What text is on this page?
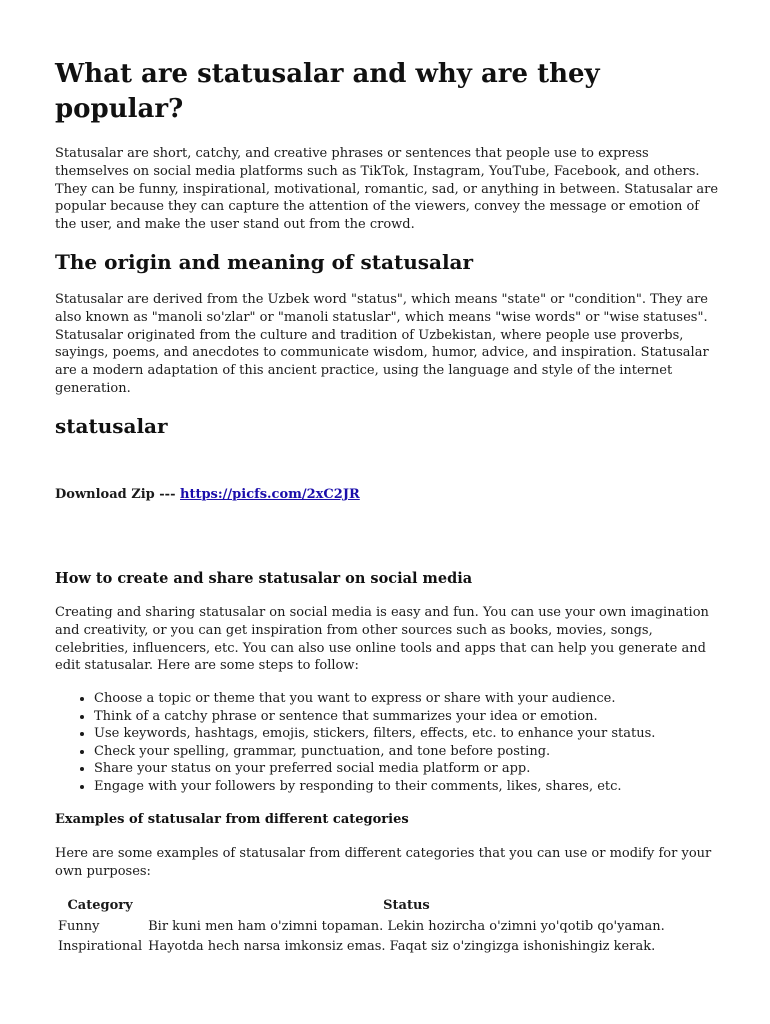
What are statusalar and why are they popular?

Statusalar are short, catchy, and creative phrases or sentences that people use to express themselves on social media platforms such as TikTok, Instagram, YouTube, Facebook, and others. They can be funny, inspirational, motivational, romantic, sad, or anything in between. Statusalar are popular because they can capture the attention of the viewers, convey the message or emotion of the user, and make the user stand out from the crowd.

The origin and meaning of statusalar

Statusalar are derived from the Uzbek word "status", which means "state" or "condition". They are also known as "manoli so'zlar" or "manoli statuslar", which means "wise words" or "wise statuses". Statusalar originated from the culture and tradition of Uzbekistan, where people use proverbs, sayings, poems, and anecdotes to communicate wisdom, humor, advice, and inspiration. Statusalar are a modern adaptation of this ancient practice, using the language and style of the internet generation.

statusalar
Download Zip --- https://picfs.com/2xC2JR
How to create and share statusalar on social media

Creating and sharing statusalar on social media is easy and fun. You can use your own imagination and creativity, or you can get inspiration from other sources such as books, movies, songs, celebrities, influencers, etc. You can also use online tools and apps that can help you generate and edit statusalar. Here are some steps to follow:

• Choose a topic or theme that you want to express or share with your audience.
• Think of a catchy phrase or sentence that summarizes your idea or emotion.
• Use keywords, hashtags, emojis, stickers, filters, effects, etc. to enhance your status.
• Check your spelling, grammar, punctuation, and tone before posting.
• Share your status on your preferred social media platform or app.
• Engage with your followers by responding to their comments, likes, shares, etc.
Examples of statusalar from different categories

Here are some examples of statusalar from different categories that you can use or modify for your own purposes:

Category	Status
Funny	Bir kuni men ham o'zimni topaman. Lekin hozircha o'zimni yo'qotib qo'yaman.
Inspirational	Hayotda hech narsa imkonsiz emas. Faqat siz o'zingizga ishonishingiz kerak.
